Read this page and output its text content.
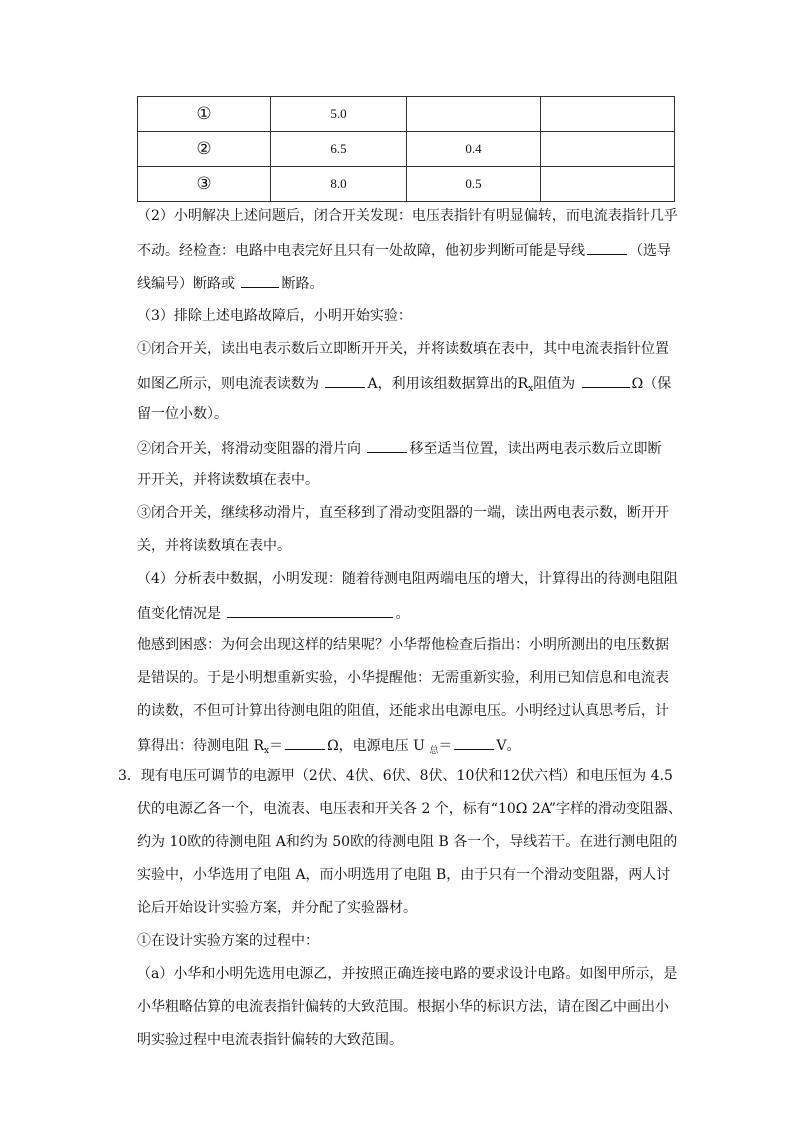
①	5.0		
②	6.5	0.4	
③	8.0	0.5	
（2）小明解决上述问题后，闭合开关发现：电压表指针有明显偏转，而电流表指针几乎
不动。经检查：电路中电表完好且只有一处故障，他初步判断可能是导线	（选导
线编号）断路或	断路。
（3）排除上述电路故障后，小明开始实验：
①闭合开关，读出电表示数后立即断开开关，并将读数填在表中，其中电流表指针位置
如图乙所示，则电流表读数为	A，利用该组数据算出的$R_x$阻值为	Ω（保
留一位小数）。
②闭合开关，将滑动变阻器的滑片向	移至适当位置，读出两电表示数后立即断
开开关，并将读数填在表中。
③闭合开关，继续移动滑片，直至移到了滑动变阻器的一端，读出两电表示数，断开开
关，并将读数填在表中。
（4）分析表中数据，小明发现：随着待测电阻两端电压的增大，计算得出的待测电阻阻
值变化情况是	。
他感到困惑：为何会出现这样的结果呢？小华帮他检查后指出：小明所测出的电压数据
是错误的。于是小明想重新实验，小华提醒他：无需重新实验，利用已知信息和电流表
的读数，不但可计算出待测电阻的阻值，还能求出电源电压。小明经过认真思考后，计
算得出：待测电阻 $R_x=$	Ω，电源电压 U $_总$＝	V。
3．现有电压可调节的电源甲（2伏、4伏、6伏、8伏、10伏和12伏六档）和电压恒为 4.5
伏的电源乙各一个，电流表、电压表和开关各 2 个，标有“10Ω 2A”字样的滑动变阻器、
约为 10欧的待测电阻 A和约为 50欧的待测电阻 B 各一个，导线若干。在进行测电阻的
实验中，小华选用了电阻 A，而小明选用了电阻 B，由于只有一个滑动变阻器，两人讨
论后开始设计实验方案，并分配了实验器材。
①在设计实验方案的过程中：
（a）小华和小明先选用电源乙，并按照正确连接电路的要求设计电路。如图甲所示，是
小华粗略估算的电流表指针偏转的大致范围。根据小华的标识方法，请在图乙中画出小
明实验过程中电流表指针偏转的大致范围。
